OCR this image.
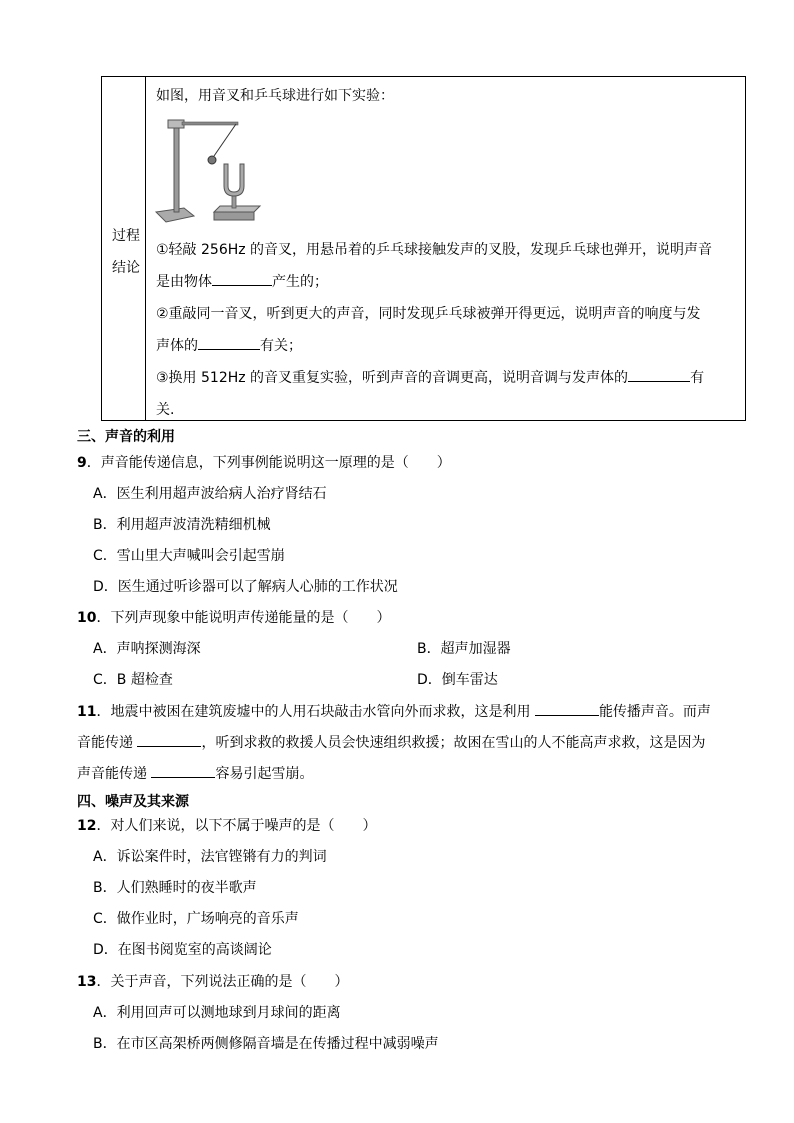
过程
结论
如图，用音叉和乒乓球进行如下实验：
①轻敲 256Hz 的音叉，用悬吊着的乒乓球接触发声的叉股，发现乒乓球也弹开，说明声音
是由物体	产生的；
②重敲同一音叉，听到更大的声音，同时发现乒乓球被弹开得更远，说明声音的响度与发
声体的	有关；
③换用 512Hz 的音叉重复实验，听到声音的音调更高，说明音调与发声体的	有
关.
三、声音的利用
9．声音能传递信息，下列事例能说明这一原理的是（　　）
A．医生利用超声波给病人治疗肾结石
B．利用超声波清洗精细机械
C．雪山里大声喊叫会引起雪崩
D．医生通过听诊器可以了解病人心肺的工作状况
10．下列声现象中能说明声传递能量的是（　　）
A．声呐探测海深	B．超声加湿器
C．B 超检查	D．倒车雷达
11．地震中被困在建筑废墟中的人用石块敲击水管向外而求救，这是利用	能传播声音。而声
音能传递	，听到求救的救援人员会快速组织救援；故困在雪山的人不能高声求救，这是因为
声音能传递	容易引起雪崩。
四、噪声及其来源
12．对人们来说，以下不属于噪声的是（　　）
A．诉讼案件时，法官铿锵有力的判词
B．人们熟睡时的夜半歌声
C．做作业时，广场响亮的音乐声
D．在图书阅览室的高谈阔论
13．关于声音，下列说法正确的是（　　）
A．利用回声可以测地球到月球间的距离
B．在市区高架桥两侧修隔音墙是在传播过程中减弱噪声
